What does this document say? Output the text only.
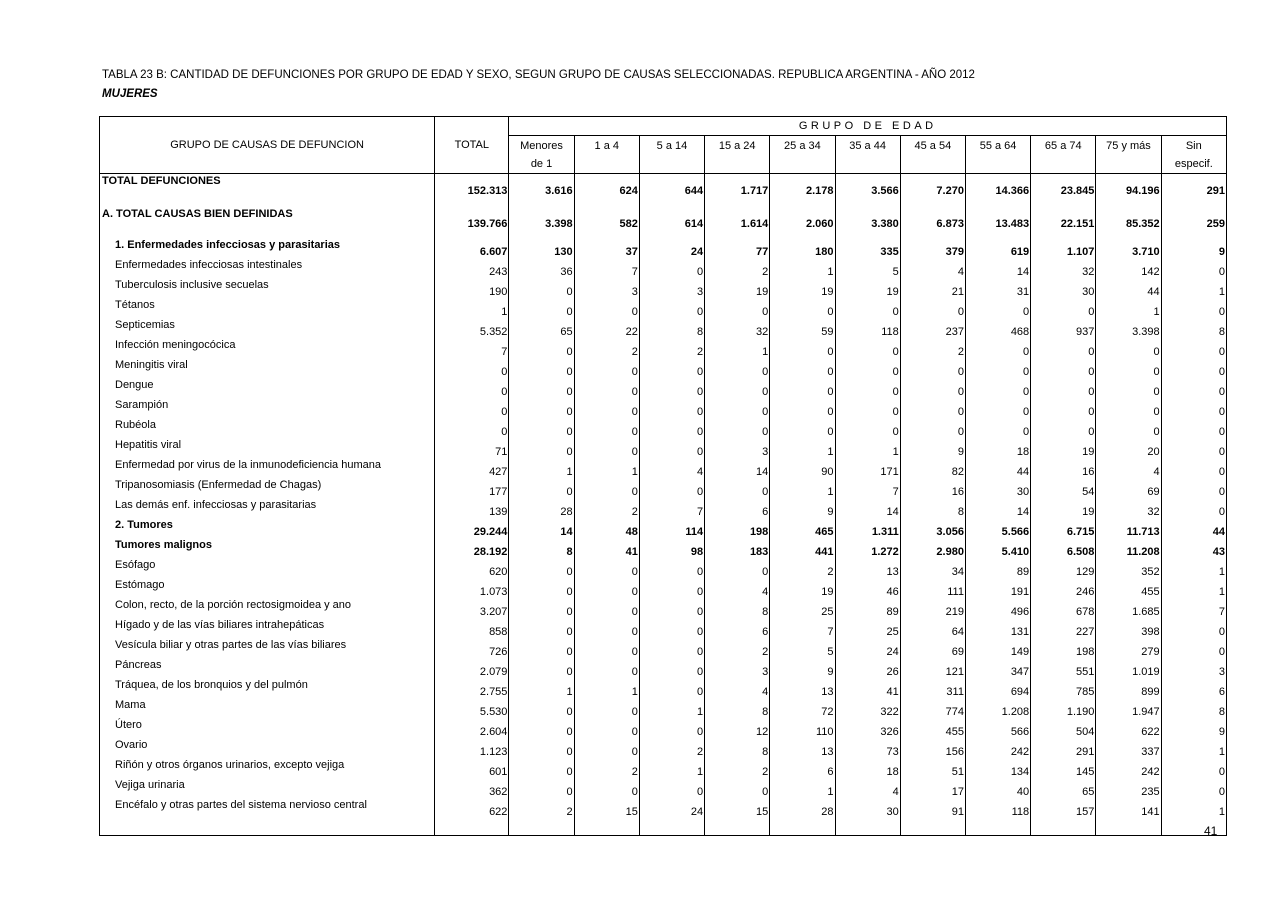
TABLA 23 B: CANTIDAD DE DEFUNCIONES POR GRUPO DE EDAD Y SEXO, SEGUN GRUPO DE CAUSAS SELECCIONADAS. REPUBLICA ARGENTINA - AÑO 2012
MUJERES
		GRUPO DE EDAD										
GRUPO DE CAUSAS DE DEFUNCION	TOTAL	Menores	1 a 4	5 a 14	15 a 24	25 a 34	35 a 44	45 a 54	55 a 64	65 a 74	75 y más	Sin
		de 1										especif.
TOTAL DEFUNCIONES	152.313	3.616	624	644	1.717	2.178	3.566	7.270	14.366	23.845	94.196	291

A. TOTAL CAUSAS BIEN DEFINIDAS	139.766	3.398	582	614	1.614	2.060	3.380	6.873	13.483	22.151	85.352	259

1. Enfermedades infecciosas y parasitarias	6.607	130	37	24	77	180	335	379	619	1.107	3.710	9
Enfermedades infecciosas intestinales	243	36	7	0	2	1	5	4	14	32	142	0
Tuberculosis inclusive secuelas	190	0	3	3	19	19	19	21	31	30	44	1
Tétanos	1	0	0	0	0	0	0	0	0	0	1	0
Septicemias	5.352	65	22	8	32	59	118	237	468	937	3.398	8
Infección meningocócica	7	0	2	2	1	0	0	2	0	0	0	0
Meningitis viral	0	0	0	0	0	0	0	0	0	0	0	0
Dengue	0	0	0	0	0	0	0	0	0	0	0	0
Sarampión	0	0	0	0	0	0	0	0	0	0	0	0
Rubéola	0	0	0	0	0	0	0	0	0	0	0	0
Hepatitis viral	71	0	0	0	3	1	1	9	18	19	20	0
Enfermedad por virus de la inmunodeficiencia humana	427	1	1	4	14	90	171	82	44	16	4	0
Tripanosomiasis (Enfermedad de Chagas)	177	0	0	0	0	1	7	16	30	54	69	0
Las demás enf. infecciosas y parasitarias	139	28	2	7	6	9	14	8	14	19	32	0
2. Tumores	29.244	14	48	114	198	465	1.311	3.056	5.566	6.715	11.713	44
Tumores malignos	28.192	8	41	98	183	441	1.272	2.980	5.410	6.508	11.208	43
Esófago	620	0	0	0	0	2	13	34	89	129	352	1
Estómago	1.073	0	0	0	4	19	46	111	191	246	455	1
Colon, recto, de la porción rectosigmoidea y ano	3.207	0	0	0	8	25	89	219	496	678	1.685	7
Hígado y de las vías biliares intrahepáticas	858	0	0	0	6	7	25	64	131	227	398	0
Vesícula biliar y otras partes de las vías biliares	726	0	0	0	2	5	24	69	149	198	279	0
Páncreas	2.079	0	0	0	3	9	26	121	347	551	1.019	3
Tráquea, de los bronquios y del pulmón	2.755	1	1	0	4	13	41	311	694	785	899	6
Mama	5.530	0	0	1	8	72	322	774	1.208	1.190	1.947	8
Útero	2.604	0	0	0	12	110	326	455	566	504	622	9
Ovario	1.123	0	0	2	8	13	73	156	242	291	337	1
Riñón y otros órganos urinarios, excepto vejiga	601	0	2	1	2	6	18	51	134	145	242	0
Vejiga urinaria	362	0	0	0	0	1	4	17	40	65	235	0
Encéfalo y otras partes del sistema nervioso central	622	2	15	24	15	28	30	91	118	157	141	1

41
